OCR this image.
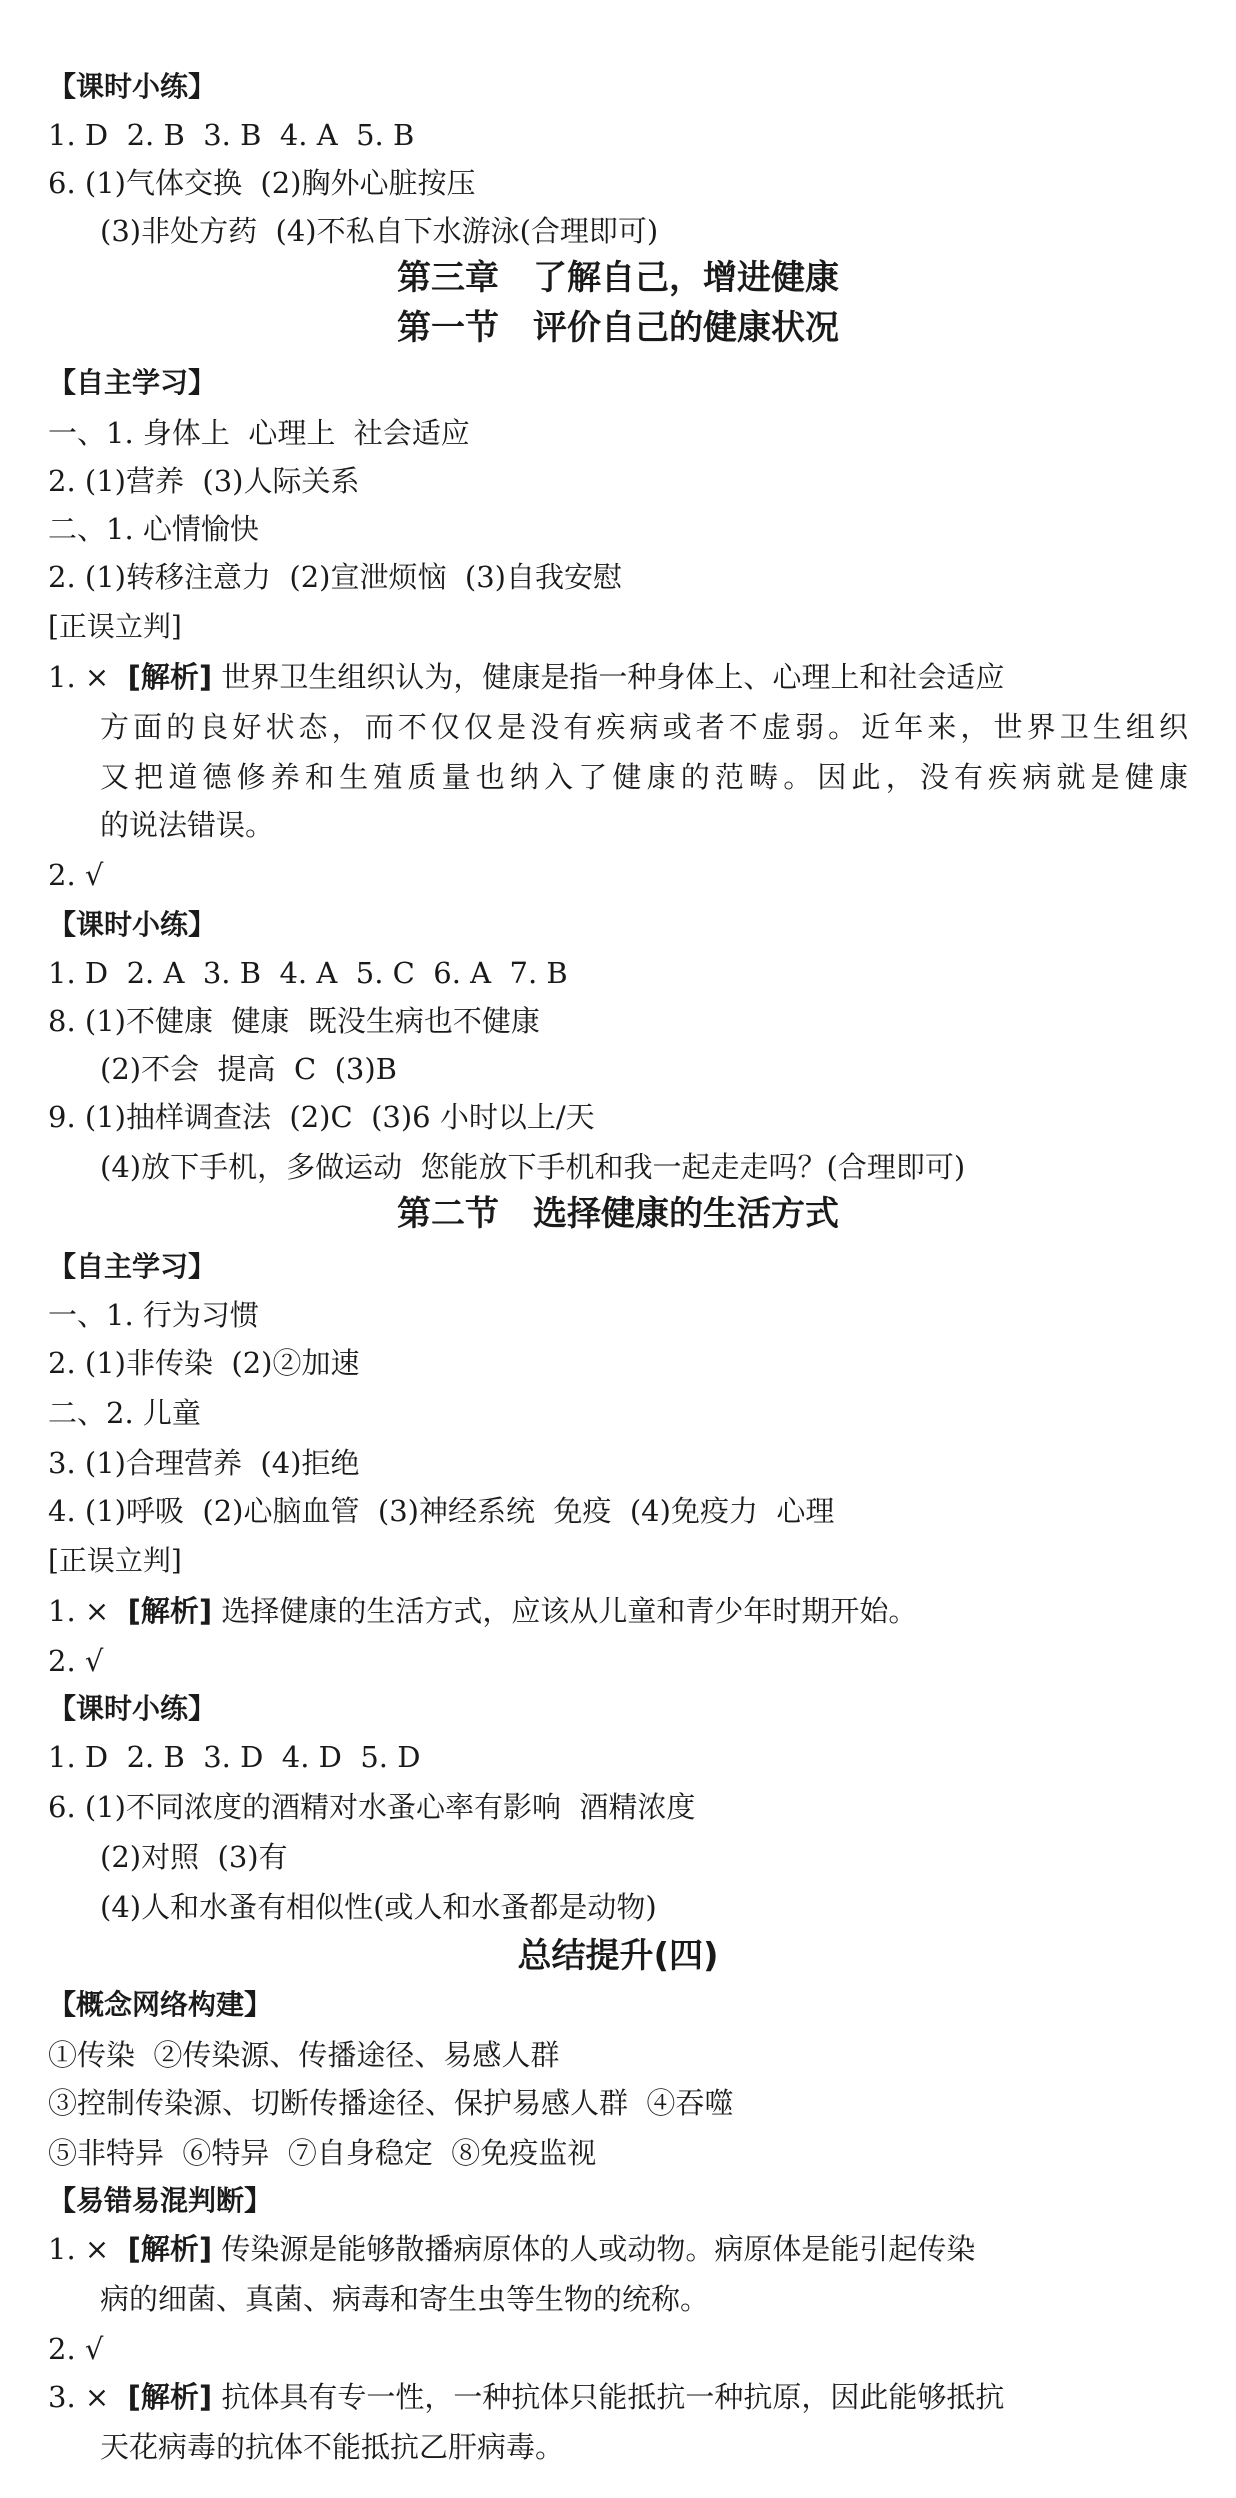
【课时小练】
1. D  2. B  3. B  4. A  5. B
6. (1)气体交换  (2)胸外心脏按压
(3)非处方药  (4)不私自下水游泳(合理即可)
第三章　了解自己，增进健康
第一节　评价自己的健康状况
【自主学习】
一、1. 身体上  心理上  社会适应
2. (1)营养  (3)人际关系
二、1. 心情愉快
2. (1)转移注意力  (2)宣泄烦恼  (3)自我安慰
[正误立判]
1. ×  [解析] 世界卫生组织认为，健康是指一种身体上、心理上和社会适应
方面的良好状态，而不仅仅是没有疾病或者不虚弱。近年来，世界卫生组织
又把道德修养和生殖质量也纳入了健康的范畴。因此，没有疾病就是健康
的说法错误。
2. √
【课时小练】
1. D  2. A  3. B  4. A  5. C  6. A  7. B
8. (1)不健康  健康  既没生病也不健康
(2)不会  提高  C  (3)B
9. (1)抽样调查法  (2)C  (3)6 小时以上/天
(4)放下手机，多做运动  您能放下手机和我一起走走吗？(合理即可)
第二节　选择健康的生活方式
【自主学习】
一、1. 行为习惯
2. (1)非传染  (2)②加速
二、2. 儿童
3. (1)合理营养  (4)拒绝
4. (1)呼吸  (2)心脑血管  (3)神经系统  免疫  (4)免疫力  心理
[正误立判]
1. ×  [解析] 选择健康的生活方式，应该从儿童和青少年时期开始。
2. √
【课时小练】
1. D  2. B  3. D  4. D  5. D
6. (1)不同浓度的酒精对水蚤心率有影响  酒精浓度
(2)对照  (3)有
(4)人和水蚤有相似性(或人和水蚤都是动物)
总结提升(四)
【概念网络构建】
①传染  ②传染源、传播途径、易感人群
③控制传染源、切断传播途径、保护易感人群  ④吞噬
⑤非特异  ⑥特异  ⑦自身稳定  ⑧免疫监视
【易错易混判断】
1. ×  [解析] 传染源是能够散播病原体的人或动物。病原体是能引起传染
病的细菌、真菌、病毒和寄生虫等生物的统称。
2. √
3. ×  [解析] 抗体具有专一性，一种抗体只能抵抗一种抗原，因此能够抵抗
天花病毒的抗体不能抵抗乙肝病毒。
